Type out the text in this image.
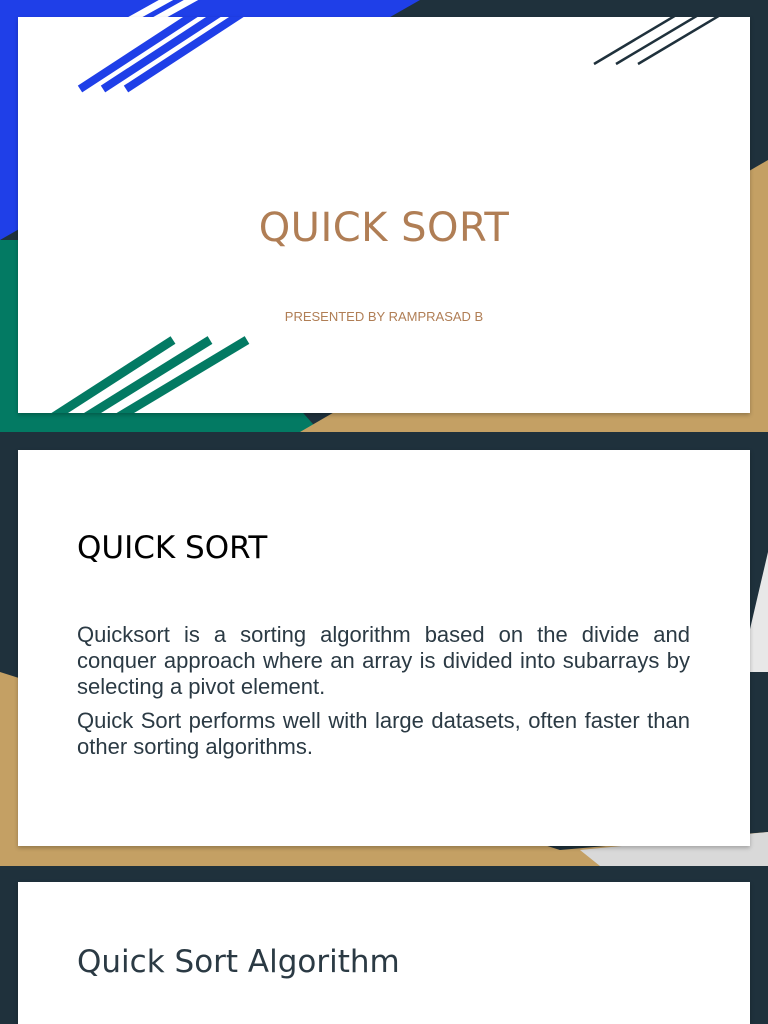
QUICK SORT
PRESENTED BY RAMPRASAD B
QUICK SORT

Quicksort is a sorting algorithm based on the divide and conquer approach where an array is divided into subarrays by selecting a pivot element.

Quick Sort performs well with large datasets, often faster than other sorting algorithms.

Quick Sort Algorithm
